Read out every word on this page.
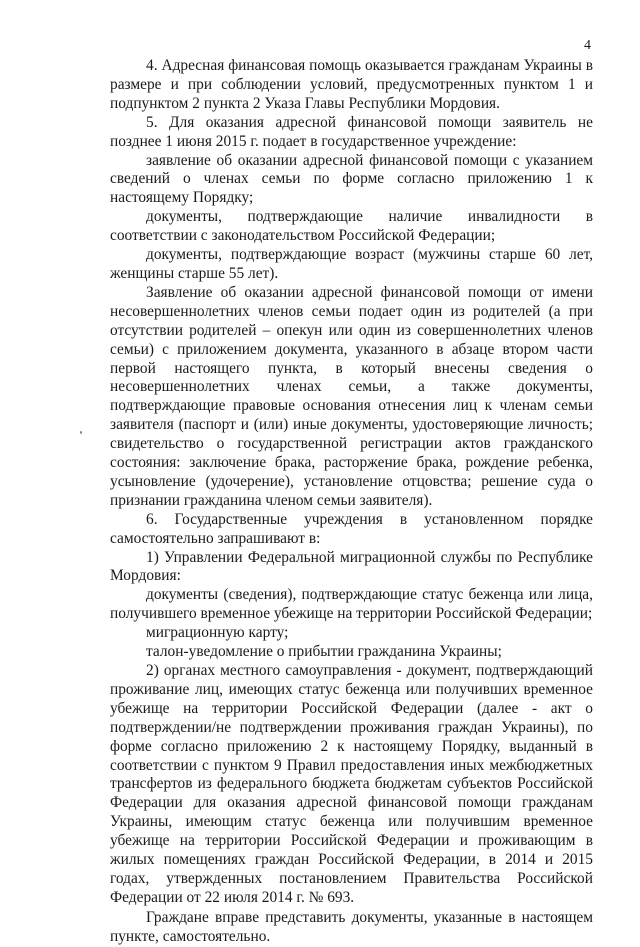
4

4. Адресная финансовая помощь оказывается гражданам Украины в размере и при соблюдении условий, предусмотренных пунктом 1 и подпунктом 2 пункта 2 Указа Главы Республики Мордовия.

5. Для оказания адресной финансовой помощи заявитель не позднее 1 июня 2015 г. подает в государственное учреждение:

заявление об оказании адресной финансовой помощи с указанием сведений о членах семьи по форме согласно приложению 1 к настоящему Порядку;

документы, подтверждающие наличие инвалидности в соответствии с законодательством Российской Федерации;

документы, подтверждающие возраст (мужчины старше 60 лет, женщины старше 55 лет).

Заявление об оказании адресной финансовой помощи от имени несовершеннолетних членов семьи подает один из родителей (а при отсутствии родителей – опекун или один из совершеннолетних членов семьи) с приложением документа, указанного в абзаце втором части первой настоящего пункта, в который внесены сведения о несовершеннолетних членах семьи, а также документы, подтверждающие правовые основания отнесения лиц к членам семьи заявителя (паспорт и (или) иные документы, удостоверяющие личность; свидетельство о государственной регистрации актов гражданского состояния: заключение брака, расторжение брака, рождение ребенка, усыновление (удочерение), установление отцовства; решение суда о признании гражданина членом семьи заявителя).

6. Государственные учреждения в установленном порядке самостоятельно запрашивают в:

1) Управлении Федеральной миграционной службы по Республике Мордовия:

документы (сведения), подтверждающие статус беженца или лица, получившего временное убежище на территории Российской Федерации;

миграционную карту;

талон-уведомление о прибытии гражданина Украины;

2) органах местного самоуправления - документ, подтверждающий проживание лиц, имеющих статус беженца или получивших временное убежище на территории Российской Федерации (далее - акт о подтверждении/не подтверждении проживания граждан Украины), по форме согласно приложению 2 к настоящему Порядку, выданный в соответствии с пунктом 9 Правил предоставления иных межбюджетных трансфертов из федерального бюджета бюджетам субъектов Российской Федерации для оказания адресной финансовой помощи гражданам Украины, имеющим статус беженца или получившим временное убежище на территории Российской Федерации и проживающим в жилых помещениях граждан Российской Федерации, в 2014 и 2015 годах, утвержденных постановлением Правительства Российской Федерации от 22 июля 2014 г. № 693.

Граждане вправе представить документы, указанные в настоящем пункте, самостоятельно.
